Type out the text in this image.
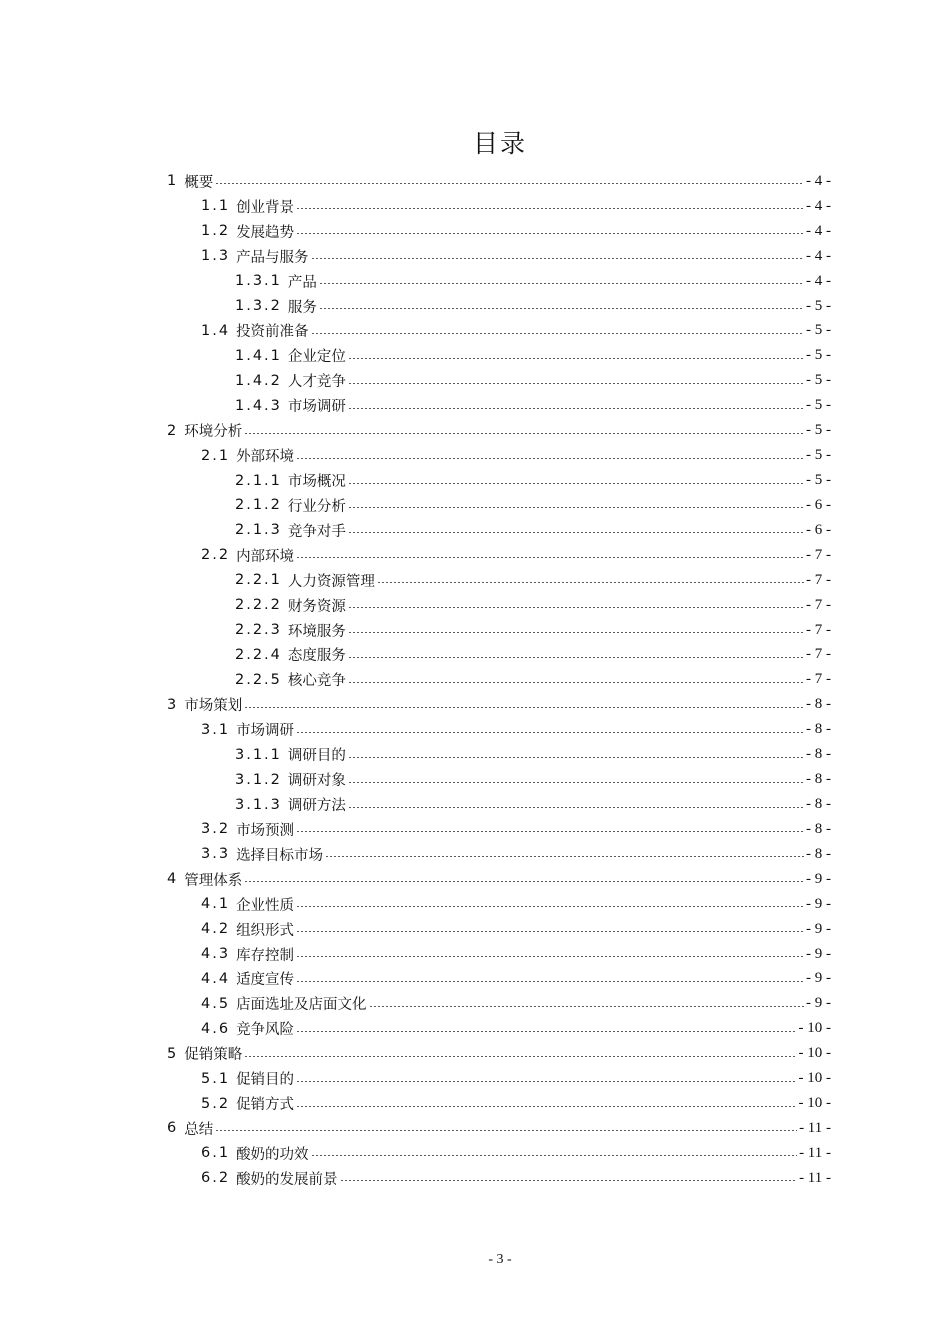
目录
1 概要	- 4 -
1.1 创业背景	- 4 -
1.2 发展趋势	- 4 -
1.3 产品与服务	- 4 -
1.3.1 产品	- 4 -
1.3.2 服务	- 5 -
1.4 投资前准备	- 5 -
1.4.1 企业定位	- 5 -
1.4.2 人才竞争	- 5 -
1.4.3 市场调研	- 5 -
2 环境分析	- 5 -
2.1 外部环境	- 5 -
2.1.1 市场概况	- 5 -
2.1.2 行业分析	- 6 -
2.1.3 竞争对手	- 6 -
2.2 内部环境	- 7 -
2.2.1 人力资源管理	- 7 -
2.2.2 财务资源	- 7 -
2.2.3 环境服务	- 7 -
2.2.4 态度服务	- 7 -
2.2.5 核心竞争	- 7 -
3 市场策划	- 8 -
3.1 市场调研	- 8 -
3.1.1 调研目的	- 8 -
3.1.2 调研对象	- 8 -
3.1.3 调研方法	- 8 -
3.2 市场预测	- 8 -
3.3 选择目标市场	- 8 -
4 管理体系	- 9 -
4.1 企业性质	- 9 -
4.2 组织形式	- 9 -
4.3 库存控制	- 9 -
4.4 适度宣传	- 9 -
4.5 店面选址及店面文化	- 9 -
4.6 竞争风险	- 10 -
5 促销策略	- 10 -
5.1 促销目的	- 10 -
5.2 促销方式	- 10 -
6 总结	- 11 -
6.1 酸奶的功效	- 11 -
6.2 酸奶的发展前景	- 11 -
- 3 -
